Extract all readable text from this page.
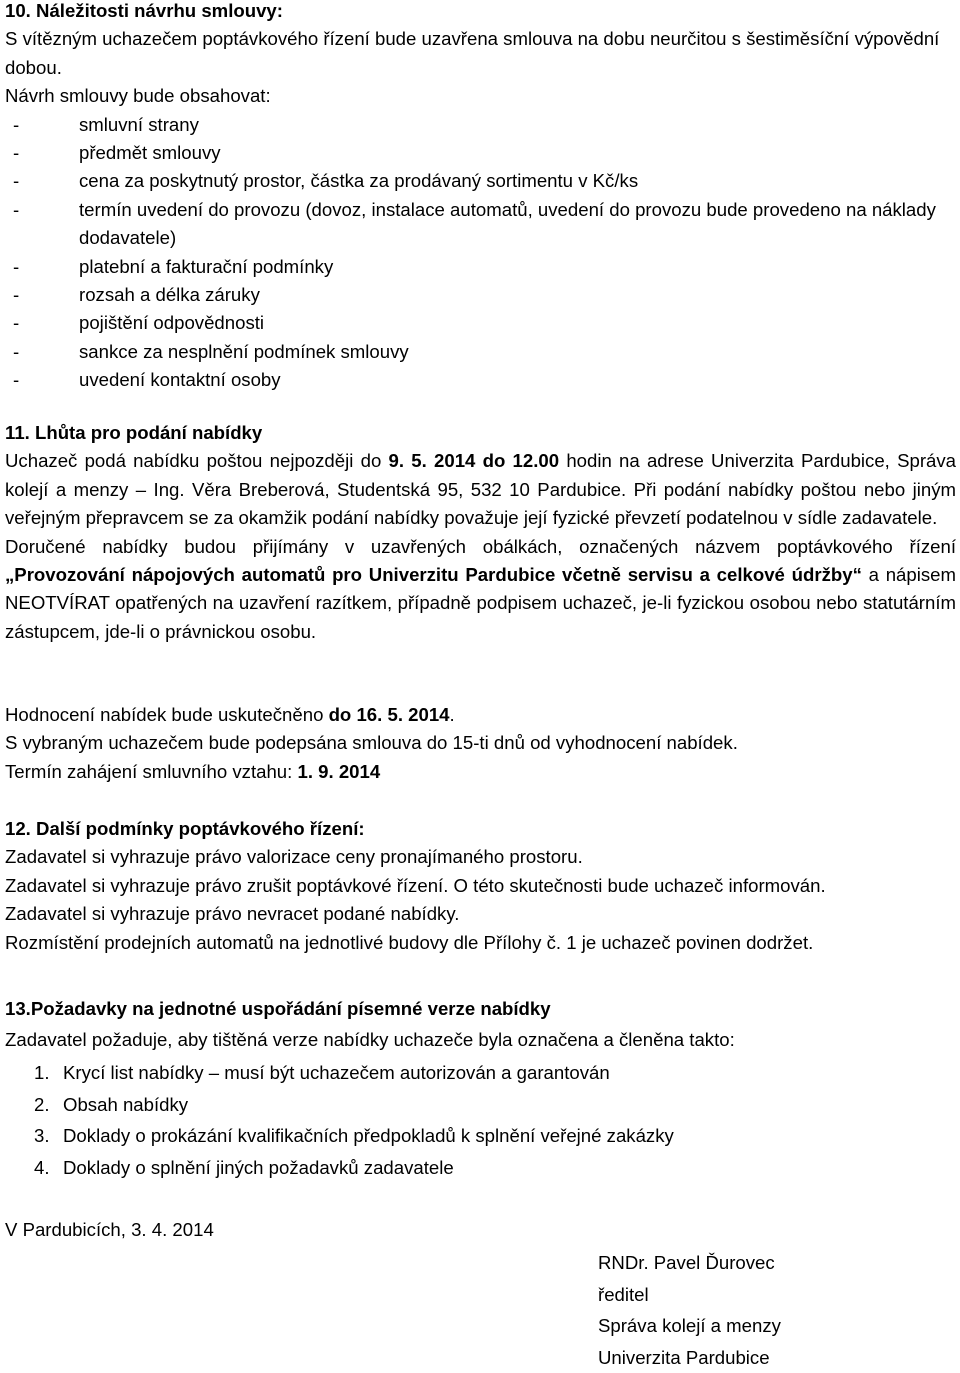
10. Náležitosti návrhu smlouvy:

S vítězným uchazečem poptávkového řízení bude uzavřena smlouva na dobu neurčitou s šestiměsíční výpovědní dobou.

Návrh smlouvy bude obsahovat:

-	smluvní strany
-	předmět smlouvy
-	cena za poskytnutý prostor, částka za prodávaný sortimentu v Kč/ks
-	termín uvedení do provozu (dovoz, instalace automatů, uvedení do provozu bude provedeno na náklady dodavatele)
-	platební a fakturační podmínky
-	rozsah a délka záruky
-	pojištění odpovědnosti
-	sankce za nesplnění podmínek smlouvy
-	uvedení kontaktní osoby
11. Lhůta pro podání nabídky

Uchazeč podá nabídku poštou nejpozději do 9. 5. 2014 do 12.00 hodin na adrese Univerzita Pardubice, Správa kolejí a menzy – Ing. Věra Breberová, Studentská 95, 532 10 Pardubice. Při podání nabídky poštou nebo jiným veřejným přepravcem se za okamžik podání nabídky považuje její fyzické převzetí podatelnou v sídle zadavatele.

Doručené nabídky budou přijímány v uzavřených obálkách, označených názvem poptávkového řízení „Provozování nápojových automatů pro Univerzitu Pardubice včetně servisu a celkové údržby“ a nápisem NEOTVÍRAT opatřených na uzavření razítkem, případně podpisem uchazeč, je-li fyzickou osobou nebo statutárním zástupcem, jde-li o právnickou osobu.

Hodnocení nabídek bude uskutečněno do 16. 5. 2014.

S vybraným uchazečem bude podepsána smlouva do 15-ti dnů od vyhodnocení nabídek.

Termín zahájení smluvního vztahu: 1. 9. 2014

12. Další podmínky poptávkového řízení:

Zadavatel si vyhrazuje právo valorizace ceny pronajímaného prostoru.

Zadavatel si vyhrazuje právo zrušit poptávkové řízení. O této skutečnosti bude uchazeč informován.

Zadavatel si vyhrazuje právo nevracet podané nabídky.

Rozmístění prodejních automatů na jednotlivé budovy dle Přílohy č. 1 je uchazeč povinen dodržet.

13.Požadavky na jednotné uspořádání písemné verze nabídky

Zadavatel požaduje, aby tištěná verze nabídky uchazeče byla označena a členěna takto:

1. Krycí list nabídky – musí být uchazečem autorizován a garantován
2. Obsah nabídky
3. Doklady o prokázání kvalifikačních předpokladů k splnění veřejné zakázky
4. Doklady o splnění jiných požadavků zadavatele
V Pardubicích, 3. 4. 2014
RNDr. Pavel Ďurovec
ředitel
Správa kolejí a menzy
Univerzita Pardubice
